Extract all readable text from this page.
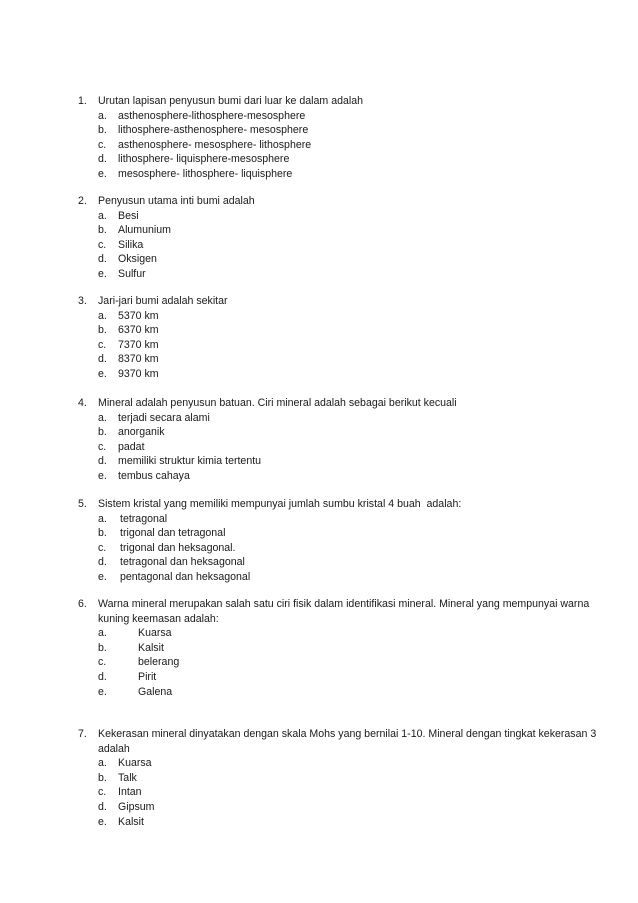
1.	Urutan lapisan penyusun bumi dari luar ke dalam adalah
a.	asthenosphere-lithosphere-mesosphere
b.	lithosphere-asthenosphere- mesosphere
c.	asthenosphere- mesosphere- lithosphere
d.	lithosphere- liquisphere-mesosphere
e.	mesosphere- lithosphere- liquisphere
2.	Penyusun utama inti bumi adalah
a.	Besi
b.	Alumunium
c.	Silika
d.	Oksigen
e.	Sulfur
3.	Jari-jari bumi adalah sekitar
a.	5370 km
b.	6370 km
c.	7370 km
d.	8370 km
e.	9370 km
4.	Mineral adalah penyusun batuan. Ciri mineral adalah sebagai berikut kecuali
a.	terjadi secara alami
b.	anorganik
c.	padat
d.	memiliki struktur kimia tertentu
e.	tembus cahaya
5.	Sistem kristal yang memiliki mempunyai jumlah sumbu kristal 4 buah  adalah:
a.	tetragonal
b.	trigonal dan tetragonal
c.	trigonal dan heksagonal.
d.	tetragonal dan heksagonal
e.	pentagonal dan heksagonal
6.	Warna mineral merupakan salah satu ciri fisik dalam identifikasi mineral. Mineral yang mempunyai warna kuning keemasan adalah:
a.	Kuarsa
b.	Kalsit
c.	belerang
d.	Pirit
e.	Galena
7.	Kekerasan mineral dinyatakan dengan skala Mohs yang bernilai 1-10. Mineral dengan tingkat kekerasan 3 adalah
a.	Kuarsa
b.	Talk
c.	Intan
d.	Gipsum
e.	Kalsit
